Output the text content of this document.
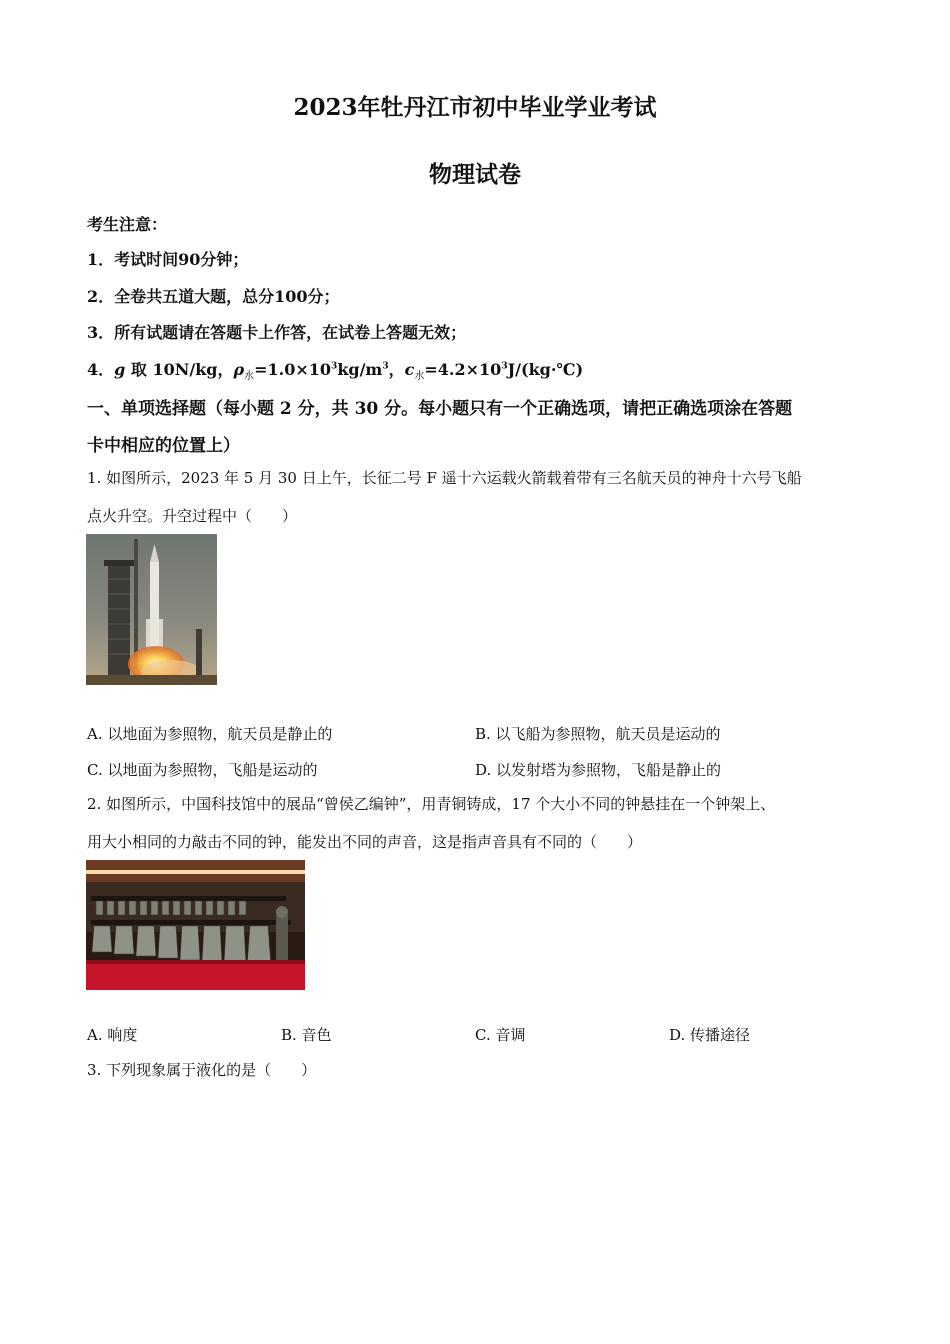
2023年牡丹江市初中毕业学业考试
物理试卷
考生注意：
1．考试时间90分钟；
2．全卷共五道大题，总分100分；
3．所有试题请在答题卡上作答，在试卷上答题无效；
4．g 取 10N/kg，$\rho_水=1.0\times 10^3kg/m^3$，$c_水=4.2\times 10^3J/(kg\cdot℃)$
一、单项选择题（每小题 2 分，共 30 分。每小题只有一个正确选项，请把正确选项涂在答题
卡中相应的位置上）
1. 如图所示，2023 年 5 月 30 日上午，长征二号 F 遥十六运载火箭载着带有三名航天员的神舟十六号飞船
点火升空。升空过程中（　　）
A. 以地面为参照物，航天员是静止的	B. 以飞船为参照物，航天员是运动的
C. 以地面为参照物，飞船是运动的	D. 以发射塔为参照物，飞船是静止的
2. 如图所示，中国科技馆中的展品“曾侯乙编钟”，用青铜铸成，17 个大小不同的钟悬挂在一个钟架上、
用大小相同的力敲击不同的钟，能发出不同的声音，这是指声音具有不同的（　　）
A. 响度	B. 音色	C. 音调	D. 传播途径
3. 下列现象属于液化的是（　　）
